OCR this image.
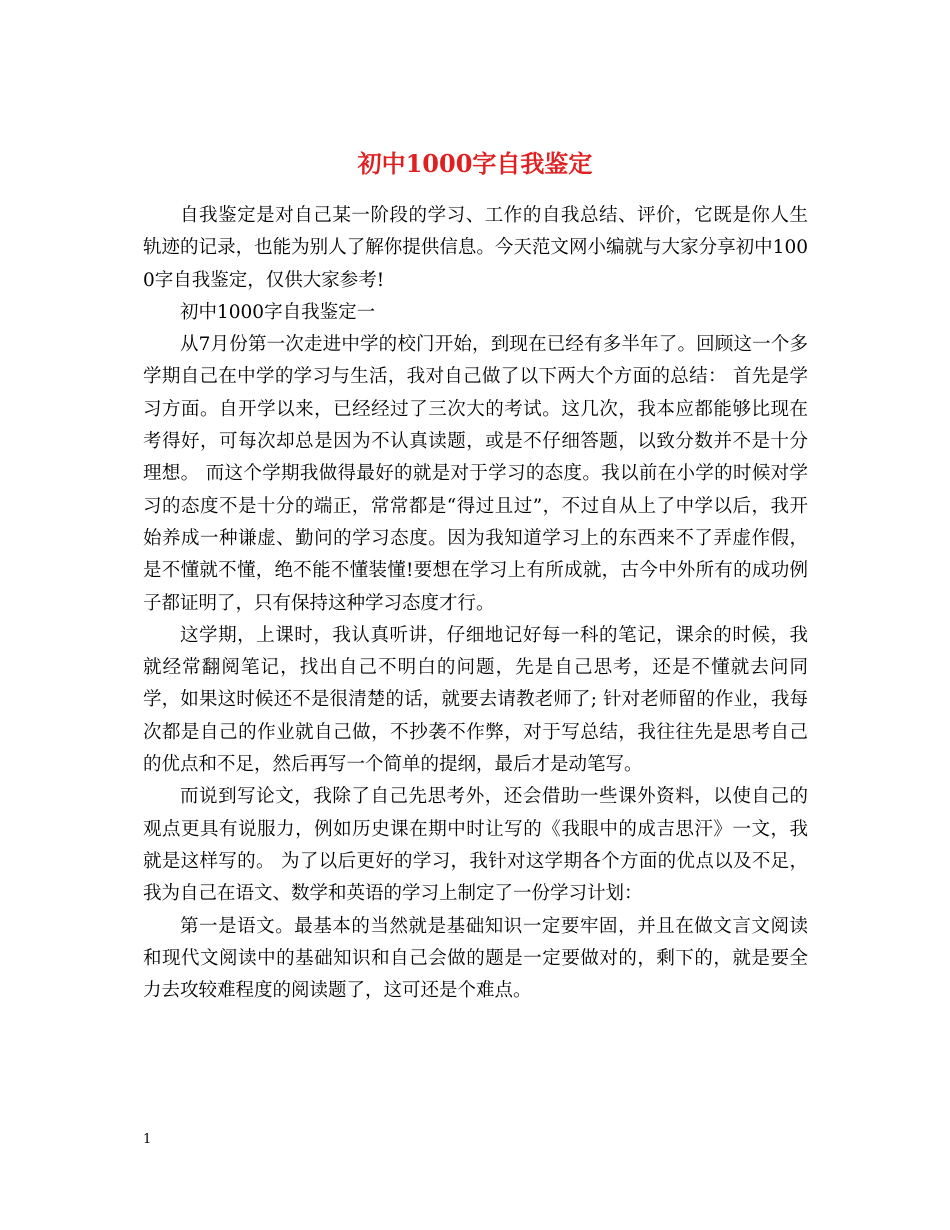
初中1000字自我鉴定

自我鉴定是对自己某一阶段的学习、工作的自我总结、评价，它既是你人生轨迹的记录，也能为别人了解你提供信息。今天范文网小编就与大家分享初中1000字自我鉴定，仅供大家参考!

初中1000字自我鉴定一

从7月份第一次走进中学的校门开始，到现在已经有多半年了。回顾这一个多学期自己在中学的学习与生活，我对自己做了以下两大个方面的总结： 首先是学习方面。自开学以来，已经经过了三次大的考试。这几次，我本应都能够比现在考得好，可每次却总是因为不认真读题，或是不仔细答题，以致分数并不是十分理想。 而这个学期我做得最好的就是对于学习的态度。我以前在小学的时候对学习的态度不是十分的端正，常常都是“得过且过”，不过自从上了中学以后，我开始养成一种谦虚、勤问的学习态度。因为我知道学习上的东西来不了弄虚作假，是不懂就不懂，绝不能不懂装懂!要想在学习上有所成就，古今中外所有的成功例子都证明了，只有保持这种学习态度才行。

这学期，上课时，我认真听讲，仔细地记好每一科的笔记，课余的时候，我就经常翻阅笔记，找出自己不明白的问题，先是自己思考，还是不懂就去问同学，如果这时候还不是很清楚的话，就要去请教老师了; 针对老师留的作业，我每次都是自己的作业就自己做，不抄袭不作弊，对于写总结，我往往先是思考自己的优点和不足，然后再写一个简单的提纲，最后才是动笔写。

而说到写论文，我除了自己先思考外，还会借助一些课外资料，以使自己的观点更具有说服力，例如历史课在期中时让写的《我眼中的成吉思汗》一文，我就是这样写的。 为了以后更好的学习，我针对这学期各个方面的优点以及不足，我为自己在语文、数学和英语的学习上制定了一份学习计划：

第一是语文。最基本的当然就是基础知识一定要牢固，并且在做文言文阅读和现代文阅读中的基础知识和自己会做的题是一定要做对的，剩下的，就是要全力去攻较难程度的阅读题了，这可还是个难点。

1
